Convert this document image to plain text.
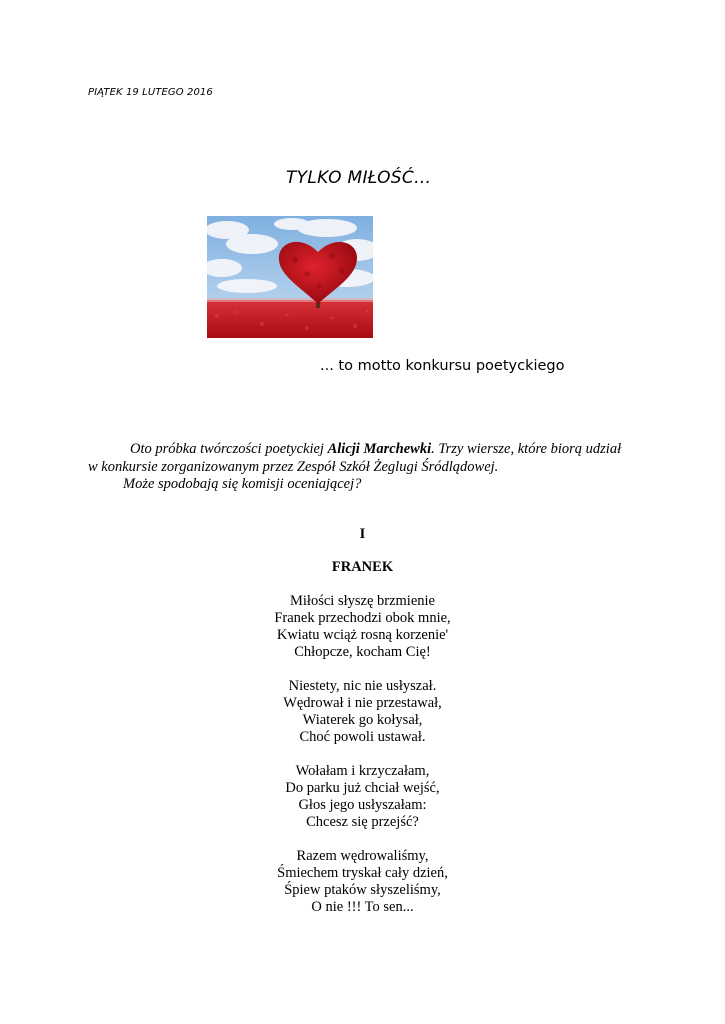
PIĄTEK 19 LUTEGO 2016
TYLKO MIŁOŚĆ...
... to motto konkursu poetyckiego
Oto próbka twórczości poetyckiej Alicji Marchewki. Trzy wiersze, które biorą udział
w konkursie zorganizowanym przez Zespół Szkół Żeglugi Śródlądowej.
Może spodobają się komisji oceniającej?
I
FRANEK
Miłości słyszę brzmienie
Franek przechodzi obok mnie,
Kwiatu wciąż rosną korzenie'
Chłopcze, kocham Cię!
Niestety, nic nie usłyszał.
Wędrował i nie przestawał,
Wiaterek go kołysał,
Choć powoli ustawał.
Wołałam i krzyczałam,
Do parku już chciał wejść,
Głos jego usłyszałam:
Chcesz się przejść?
Razem wędrowaliśmy,
Śmiechem tryskał cały dzień,
Śpiew ptaków słyszeliśmy,
O nie !!! To sen...
